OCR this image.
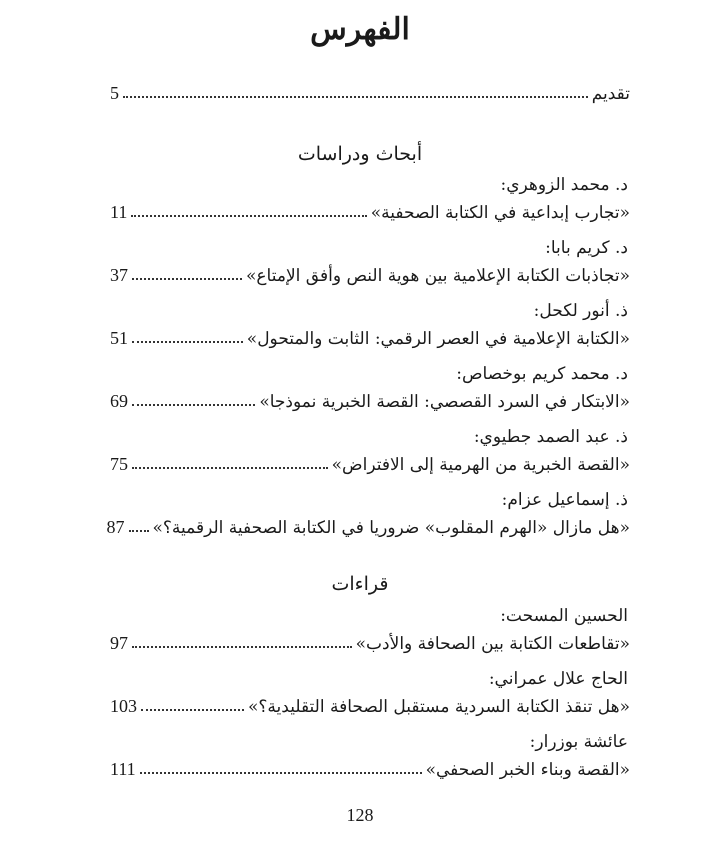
الفهرس
تقديم
5
أبحاث ودراسات
د. محمد الزوهري:
«تجارب إبداعية في الكتابة الصحفية»
11
د. كريم بابا:
«تجاذبات الكتابة الإعلامية بين هوية النص وأفق الإمتاع»
37
ذ. أنور لكحل:
«الكتابة الإعلامية في العصر الرقمي: الثابت والمتحول»
51
د. محمد كريم بوخصاص:
«الابتكار في السرد القصصي: القصة الخبرية نموذجا»
69
ذ. عبد الصمد جطيوي:
«القصة الخبرية من الهرمية إلى الافتراض»
75
ذ. إسماعيل عزام:
«هل مازال «الهرم المقلوب» ضروريا في الكتابة الصحفية الرقمية؟»
87
قراءات
الحسين المسحت:
«تقاطعات الكتابة بين الصحافة والأدب»
97
الحاج علال عمراني:
«هل تنقذ الكتابة السردية مستقبل الصحافة التقليدية؟»
103
عائشة بوزرار:
«القصة وبناء الخبر الصحفي»
111
128
